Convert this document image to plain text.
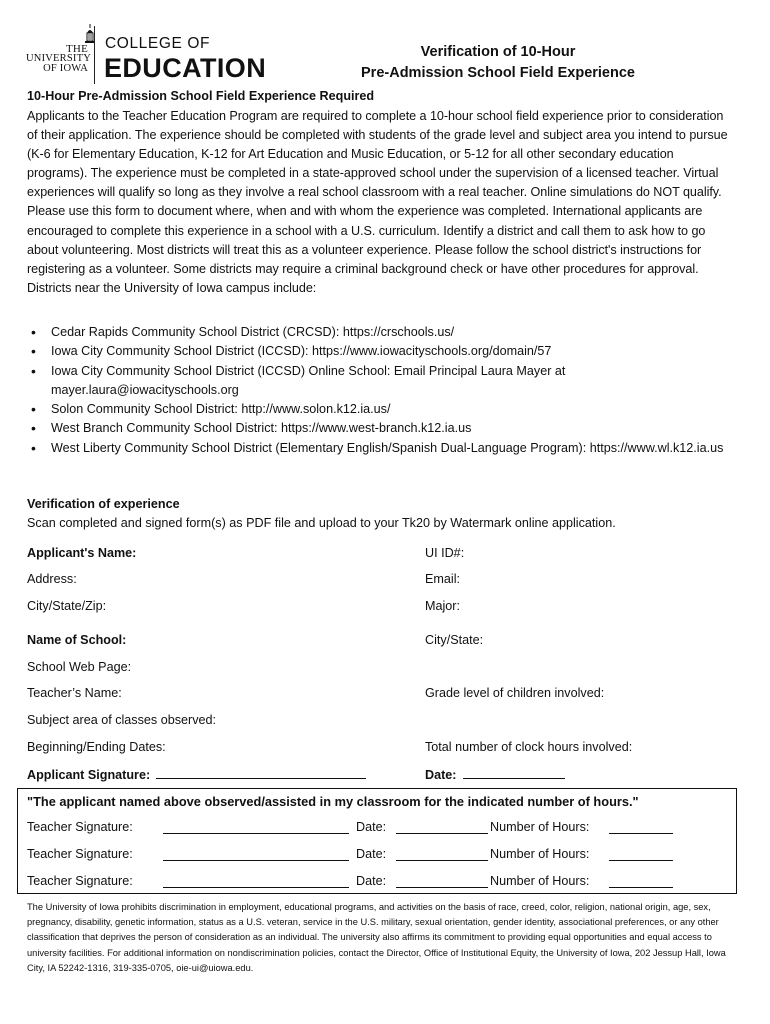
THE
UNIVERSITY
OF IOWA
COLLEGE OF
EDUCATION
Verification of 10-Hour
Pre-Admission School Field Experience
10-Hour Pre-Admission School Field Experience Required
Applicants to the Teacher Education Program are required to complete a 10-hour school field experience prior to consideration of their application. The experience should be completed with students of the grade level and subject area you intend to pursue (K-6 for Elementary Education, K-12 for Art Education and Music Education, or 5-12 for all other secondary education programs). The experience must be completed in a state-approved school under the supervision of a licensed teacher. Virtual experiences will qualify so long as they involve a real school classroom with a real teacher. Online simulations do NOT qualify. Please use this form to document where, when and with whom the experience was completed. International applicants are encouraged to complete this experience in a school with a U.S. curriculum. Identify a district and call them to ask how to go about volunteering. Most districts will treat this as a volunteer experience. Please follow the school district's instructions for registering as a volunteer. Some districts may require a criminal background check or have other procedures for approval. Districts near the University of Iowa campus include:
• Cedar Rapids Community School District (CRCSD): https://crschools.us/
• Iowa City Community School District (ICCSD): https://www.iowacityschools.org/domain/57
• Iowa City Community School District (ICCSD) Online School: Email Principal Laura Mayer at mayer.laura@iowacityschools.org
• Solon Community School District: http://www.solon.k12.ia.us/
• West Branch Community School District: https://www.west-branch.k12.ia.us
• West Liberty Community School District (Elementary English/Spanish Dual-Language Program): https://www.wl.k12.ia.us
Verification of experience
Scan completed and signed form(s) as PDF file and upload to your Tk20 by Watermark online application.
Applicant's Name:	UI ID#:
Address:	Email:
City/State/Zip:	Major:
Name of School:	City/State:
School Web Page:
Teacher’s Name:	Grade level of children involved:
Subject area of classes observed:
Beginning/Ending Dates:	Total number of clock hours involved:
Applicant Signature:	Date:
"The applicant named above observed/assisted in my classroom for the indicated number of hours."
Teacher Signature:	Date:	Number of Hours:
Teacher Signature:	Date:	Number of Hours:
Teacher Signature:	Date:	Number of Hours:
The University of Iowa prohibits discrimination in employment, educational programs, and activities on the basis of race, creed, color, religion, national origin, age, sex, pregnancy, disability, genetic information, status as a U.S. veteran, service in the U.S. military, sexual orientation, gender identity, associational preferences, or any other classification that deprives the person of consideration as an individual. The university also affirms its commitment to providing equal opportunities and equal access to university facilities. For additional information on nondiscrimination policies, contact the Director, Office of Institutional Equity, the University of Iowa, 202 Jessup Hall, Iowa City, IA 52242-1316, 319-335-0705, oie-ui@uiowa.edu.
